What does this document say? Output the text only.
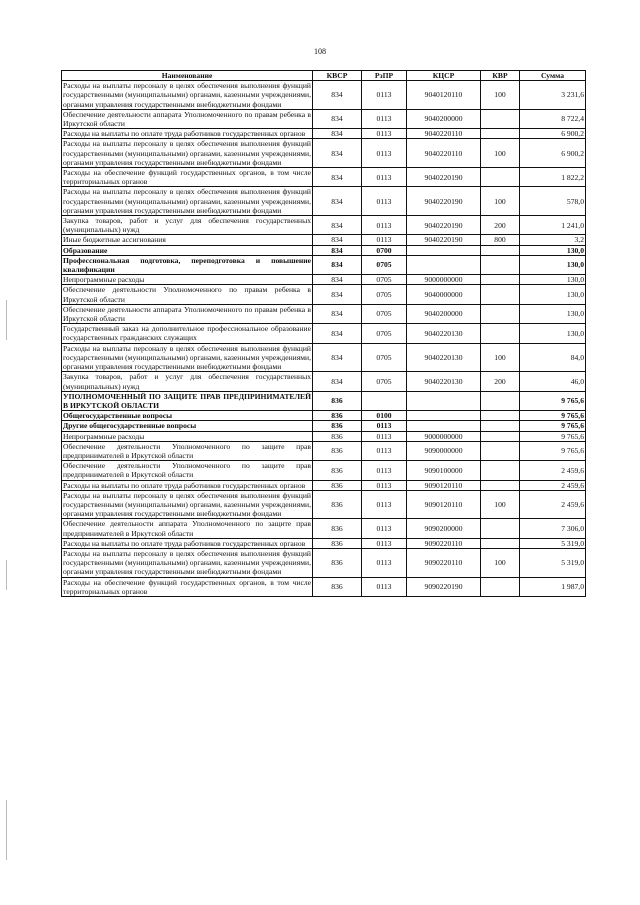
108
Наименование	КВСР	РзПР	КЦСР	КВР	Сумма
Расходы на выплаты персоналу в целях обеспечения выполнения функций государственными (муниципальными) органами, казенными учреждениями, органами управления государственными внебюджетными фондами	834	0113	9040120110	100	3 231,6
Обеспечение деятельности аппарата Уполномоченного по правам ребенка в Иркутской области	834	0113	9040200000		8 722,4
Расходы на выплаты по оплате труда работников государственных органов	834	0113	9040220110		6 900,2
Расходы на выплаты персоналу в целях обеспечения выполнения функций государственными (муниципальными) органами, казенными учреждениями, органами управления государственными внебюджетными фондами	834	0113	9040220110	100	6 900,2
Расходы на обеспечение функций государственных органов, в том числе территориальных органов	834	0113	9040220190		1 822,2
Расходы на выплаты персоналу в целях обеспечения выполнения функций государственными (муниципальными) органами, казенными учреждениями, органами управления государственными внебюджетными фондами	834	0113	9040220190	100	578,0
Закупка товаров, работ и услуг для обеспечения государственных (муниципальных) нужд	834	0113	9040220190	200	1 241,0
Иные бюджетные ассигнования	834	0113	9040220190	800	3,2
Образование	834	0700			130,0
Профессиональная подготовка, переподготовка и повышение квалификации	834	0705			130,0
Непрограммные расходы	834	0705	9000000000		130,0
Обеспечение деятельности Уполномоченного по правам ребенка в Иркутской области	834	0705	9040000000		130,0
Обеспечение деятельности аппарата Уполномоченного по правам ребенка в Иркутской области	834	0705	9040200000		130,0
Государственный заказ на дополнительное профессиональное образование государственных гражданских служащих	834	0705	9040220130		130,0
Расходы на выплаты персоналу в целях обеспечения выполнения функций государственными (муниципальными) органами, казенными учреждениями, органами управления государственными внебюджетными фондами	834	0705	9040220130	100	84,0
Закупка товаров, работ и услуг для обеспечения государственных (муниципальных) нужд	834	0705	9040220130	200	46,0
УПОЛНОМОЧЕННЫЙ ПО ЗАЩИТЕ ПРАВ ПРЕДПРИНИМАТЕЛЕЙ В ИРКУТСКОЙ ОБЛАСТИ	836				9 765,6
Общегосударственные вопросы	836	0100			9 765,6
Другие общегосударственные вопросы	836	0113			9 765,6
Непрограммные расходы	836	0113	9000000000		9 765,6
Обеспечение деятельности Уполномоченного по защите прав предпринимателей в Иркутской области	836	0113	9090000000		9 765,6
Обеспечение деятельности Уполномоченного по защите прав предпринимателей в Иркутской области	836	0113	9090100000		2 459,6
Расходы на выплаты по оплате труда работников государственных органов	836	0113	9090120110		2 459,6
Расходы на выплаты персоналу в целях обеспечения выполнения функций государственными (муниципальными) органами, казенными учреждениями, органами управления государственными внебюджетными фондами	836	0113	9090120110	100	2 459,6
Обеспечение деятельности аппарата Уполномоченного по защите прав предпринимателей в Иркутской области	836	0113	9090200000		7 306,0
Расходы на выплаты по оплате труда работников государственных органов	836	0113	9090220110		5 319,0
Расходы на выплаты персоналу в целях обеспечения выполнения функций государственными (муниципальными) органами, казенными учреждениями, органами управления государственными внебюджетными фондами	836	0113	9090220110	100	5 319,0
Расходы на обеспечение функций государственных органов, в том числе территориальных органов	836	0113	9090220190		1 987,0
